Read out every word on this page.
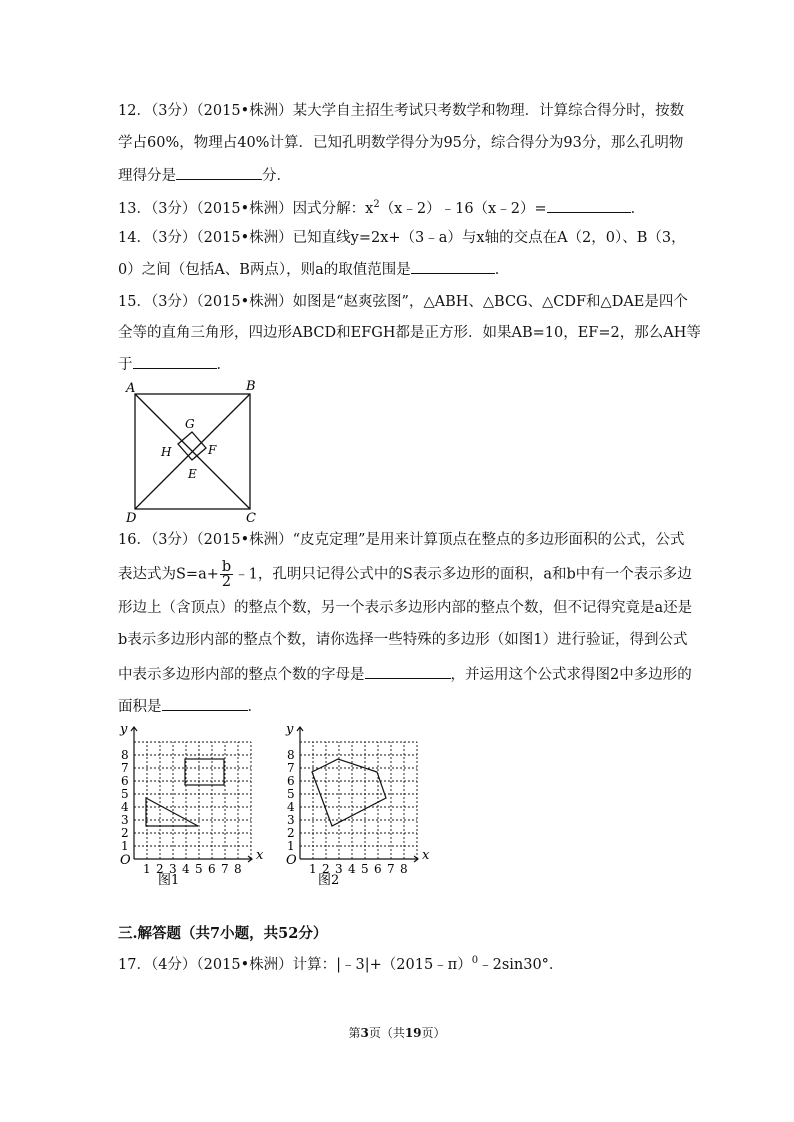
12．（3分）（2015•株洲）某大学自主招生考试只考数学和物理．计算综合得分时，按数
学占60%，物理占40%计算．已知孔明数学得分为95分，综合得分为93分，那么孔明物
理得分是	分．
13．（3分）（2015•株洲）因式分解：$x^2(x﹣2)﹣16(x﹣2)=$	．
14．（3分）（2015•株洲）已知直线y=2x+（3﹣a）与x轴的交点在A（2，0）、B（3，
0）之间（包括A、B两点），则a的取值范围是	．
15．（3分）（2015•株洲）如图是“赵爽弦图”，△ABH、△BCG、△CDF和△DAE是四个
全等的直角三角形，四边形ABCD和EFGH都是正方形．如果AB=10，EF=2，那么AH等
于	．
A	B
C
D
E
F
G
H
16．（3分）（2015•株洲）“皮克定理”是用来计算顶点在整点的多边形面积的公式，公式
表达式为$S=a+ \frac{b}{2}$ ﹣1，孔明只记得公式中的S表示多边形的面积，a和b中有一个表示多边
形边上（含顶点）的整点个数，另一个表示多边形内部的整点个数，但不记得究竟是a还是
b表示多边形内部的整点个数，请你选择一些特殊的多边形（如图1）进行验证，得到公式
中表示多边形内部的整点个数的字母是	，并运用这个公式求得图2中多边形的
面积是	．
1 2 3 4 5 6 7 8
1
2
3
4
5
6
7
8
x
y
O
图1
1 2 3 4 5 6 7 8
1
2
3
4
5
6
7
8
x
y
O
图2
三.解答题（共7小题，共52分）
17．（4分）（2015•株洲）计算：|﹣3|+（2015﹣π）$^0$﹣2sin30°．
第3页（共19页）
